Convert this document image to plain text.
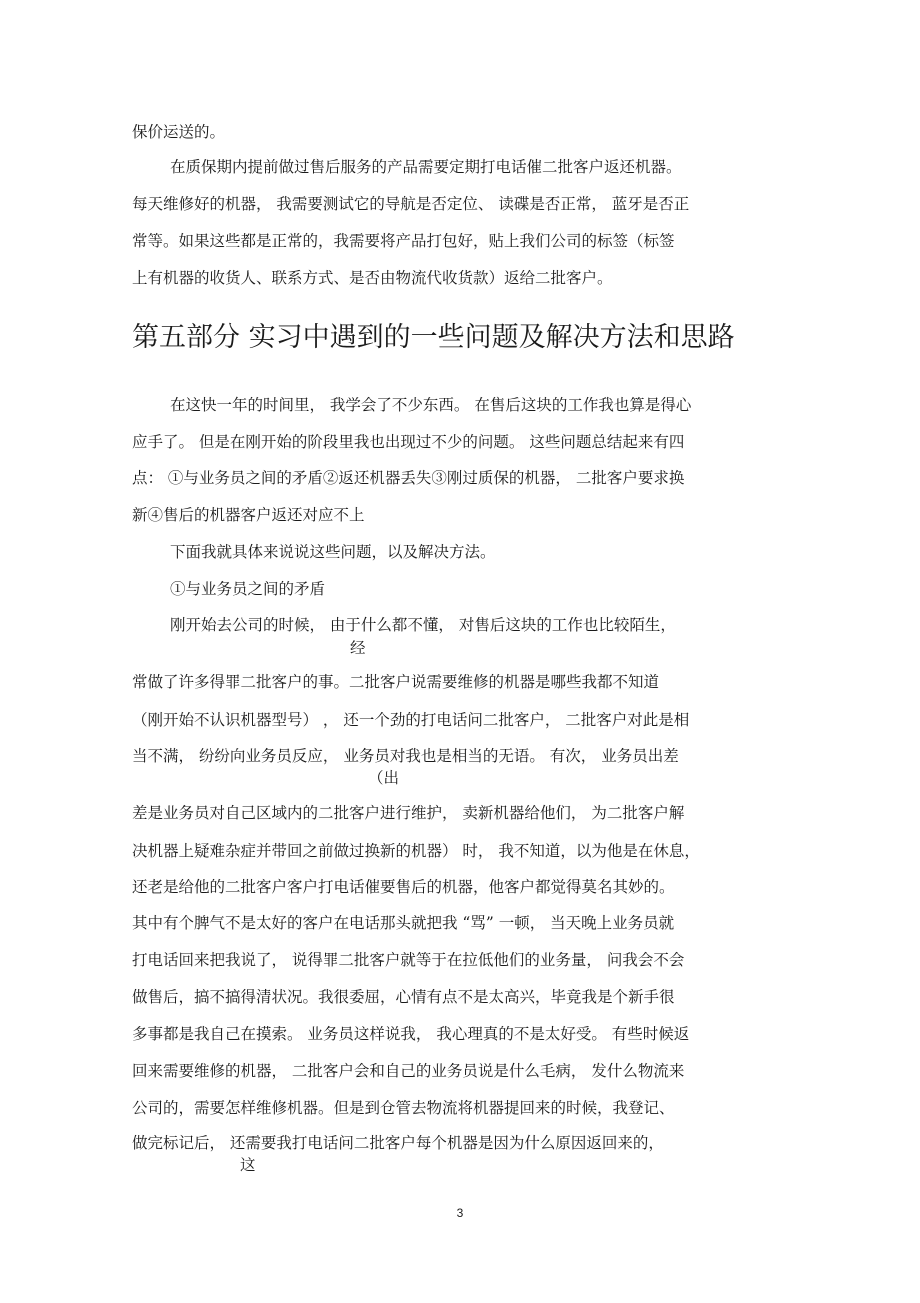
保价运送的。
在质保期内提前做过售后服务的产品需要定期打电话催二批客户返还机器。
每天维修好的机器， 我需要测试它的导航是否定位、 读碟是否正常， 蓝牙是否正
常等。如果这些都是正常的，我需要将产品打包好，贴上我们公司的标签（标签
上有机器的收货人、联系方式、是否由物流代收货款）返给二批客户。
第五部分 实习中遇到的一些问题及解决方法和思路
在这快一年的时间里， 我学会了不少东西。 在售后这块的工作我也算是得心
应手了。 但是在刚开始的阶段里我也出现过不少的问题。 这些问题总结起来有四
点： ①与业务员之间的矛盾②返还机器丢失③刚过质保的机器， 二批客户要求换
新④售后的机器客户返还对应不上
下面我就具体来说说这些问题，以及解决方法。
①与业务员之间的矛盾
刚开始去公司的时候， 由于什么都不懂， 对售后这块的工作也比较陌生，
经
常做了许多得罪二批客户的事。二批客户说需要维修的机器是哪些我都不知道
（刚开始不认识机器型号） ， 还一个劲的打电话问二批客户， 二批客户对此是相
当不满， 纷纷向业务员反应， 业务员对我也是相当的无语。 有次， 业务员出差
（出
差是业务员对自己区域内的二批客户进行维护， 卖新机器给他们， 为二批客户解
决机器上疑难杂症并带回之前做过换新的机器） 时， 我不知道，以为他是在休息，
还老是给他的二批客户客户打电话催要售后的机器，他客户都觉得莫名其妙的。
其中有个脾气不是太好的客户在电话那头就把我 “骂” 一顿， 当天晚上业务员就
打电话回来把我说了， 说得罪二批客户就等于在拉低他们的业务量， 问我会不会
做售后，搞不搞得清状况。我很委屈，心情有点不是太高兴，毕竟我是个新手很
多事都是我自己在摸索。 业务员这样说我， 我心理真的不是太好受。 有些时候返
回来需要维修的机器， 二批客户会和自己的业务员说是什么毛病， 发什么物流来
公司的，需要怎样维修机器。但是到仓管去物流将机器提回来的时候，我登记、
做完标记后， 还需要我打电话问二批客户每个机器是因为什么原因返回来的，
这
3
